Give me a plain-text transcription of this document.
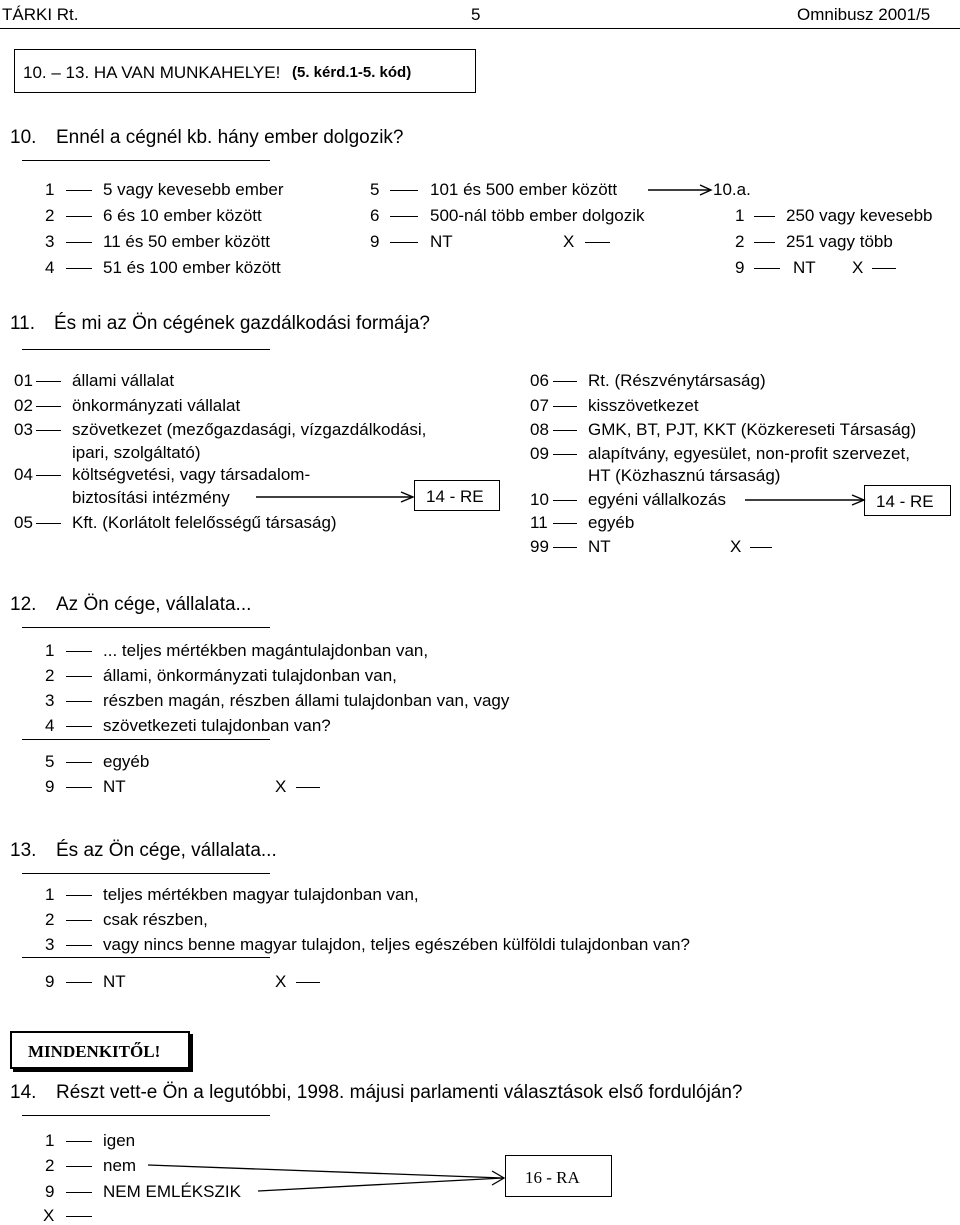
TÁRKI Rt.	5	Omnibusz 2001/5
10. – 13. HA VAN MUNKAHELYE! (5. kérd.1-5. kód)
10. Ennél a cégnél kb. hány ember dolgozik?
1	5 vagy kevesebb ember
2	6 és 10 ember között
3	11 és 50 ember között
4	51 és 100 ember között
5	101 és 500 ember között	10.a.
6	500-nál több ember dolgozik
9	NT	X
1 250 vagy kevesebb
2 251 vagy több
9	NT X
11. És mi az Ön cégének gazdálkodási formája?
01 állami vállalat
02 önkormányzati vállalat
03 szövetkezet (mezőgazdasági, vízgazdálkodási,
ipari, szolgáltató)
04 költségvetési, vagy társadalom-
biztosítási intézmény	14 - RE
05 Kft. (Korlátolt felelősségű társaság)
06 Rt. (Részvénytársaság)
07 kisszövetkezet
08 GMK, BT, PJT, KKT (Közkereseti Társaság)
09 alapítvány, egyesület, non-profit szervezet,
HT (Közhasznú társaság)
10 egyéni vállalkozás	14 - RE
11 egyéb
99 NT	X
12. Az Ön cége, vállalata...
1	... teljes mértékben magántulajdonban van,
2	állami, önkormányzati tulajdonban van,
3	részben magán, részben állami tulajdonban van, vagy
4	szövetkezeti tulajdonban van?
5	egyéb
9	NT	X
13. És az Ön cége, vállalata...
1	teljes mértékben magyar tulajdonban van,
2	csak részben,
3	vagy nincs benne magyar tulajdon, teljes egészében külföldi tulajdonban van?
9	NT	X
MINDENKITŐL!
14. Részt vett-e Ön a legutóbbi, 1998. májusi parlamenti választások első fordulóján?
1	igen
2	nem
9	NEM EMLÉKSZIK
X
16 - RA
